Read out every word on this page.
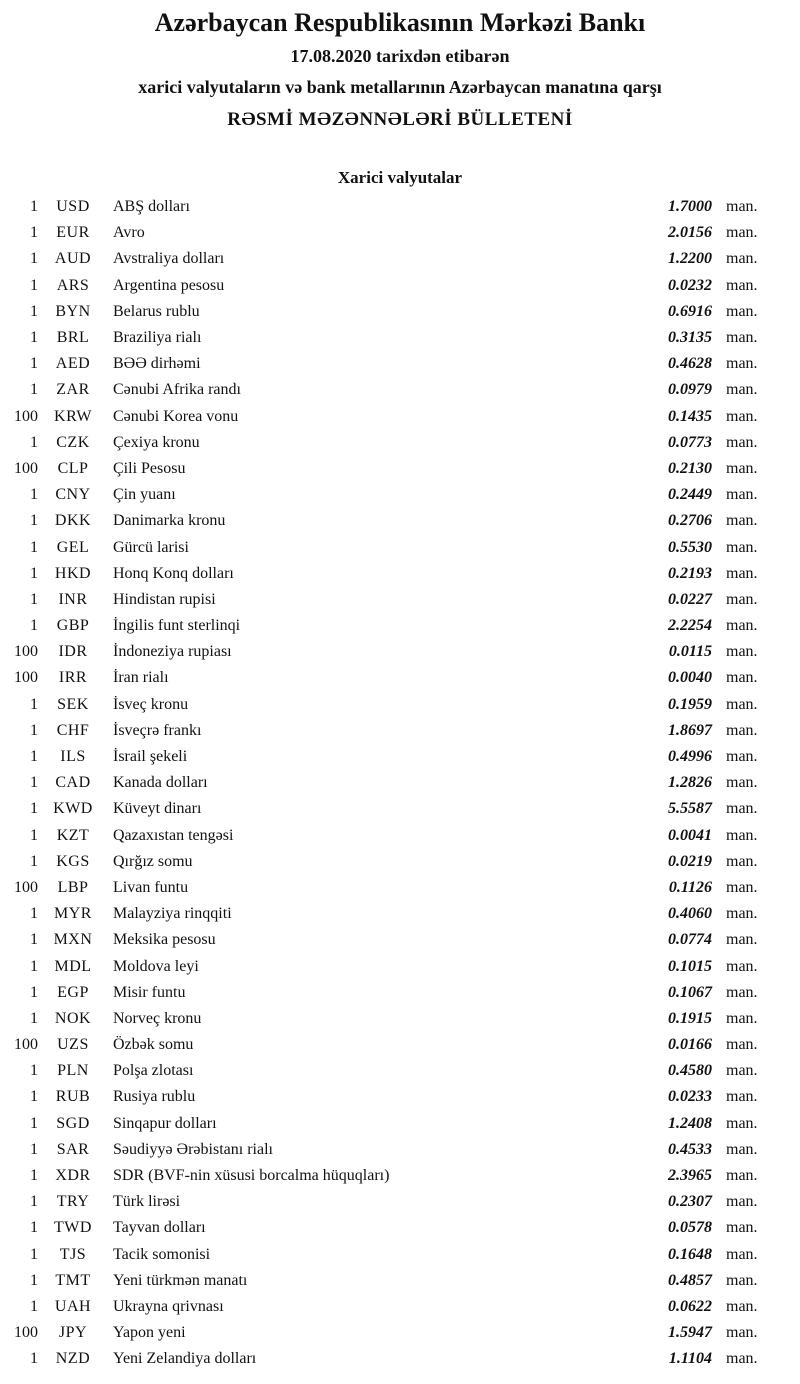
Azərbaycan Respublikasının Mərkəzi Bankı
17.08.2020 tarixdən etibarən
xarici valyutaların və bank metallarının Azərbaycan manatına qarşı
RƏSMİ MƏZƏNNƏLƏRİ BÜLLETENİ
Xarici valyutalar
1	USD	ABŞ dolları	1.7000 man.
1	EUR	Avro	2.0156 man.
1	AUD	Avstraliya dolları	1.2200 man.
1	ARS	Argentina pesosu	0.0232 man.
1	BYN	Belarus rublu	0.6916 man.
1	BRL	Braziliya rialı	0.3135 man.
1	AED	BƏƏ dirhəmi	0.4628 man.
1	ZAR	Cənubi Afrika randı	0.0979 man.
100	KRW	Cənubi Korea vonu	0.1435 man.
1	CZK	Çexiya kronu	0.0773 man.
100	CLP	Çili Pesosu	0.2130 man.
1	CNY	Çin yuanı	0.2449 man.
1	DKK	Danimarka kronu	0.2706 man.
1	GEL	Gürcü larisi	0.5530 man.
1	HKD	Honq Konq dolları	0.2193 man.
1	INR	Hindistan rupisi	0.0227 man.
1	GBP	İngilis funt sterlinqi	2.2254 man.
100	IDR	İndoneziya rupiası	0.0115 man.
100	IRR	İran rialı	0.0040 man.
1	SEK	İsveç kronu	0.1959 man.
1	CHF	İsveçrə frankı	1.8697 man.
1	ILS	İsrail şekeli	0.4996 man.
1	CAD	Kanada dolları	1.2826 man.
1 KWD	Küveyt dinarı	5.5587 man.
1	KZT	Qazaxıstan tengəsi	0.0041 man.
1	KGS	Qırğız somu	0.0219 man.
100	LBP	Livan funtu	0.1126 man.
1	MYR	Malayziya rinqqiti	0.4060 man.
1 MXN	Meksika pesosu	0.0774 man.
1	MDL	Moldova leyi	0.1015 man.
1	EGP	Misir funtu	0.1067 man.
1	NOK	Norveç kronu	0.1915 man.
100	UZS	Özbək somu	0.0166 man.
1	PLN	Polşa zlotası	0.4580 man.
1	RUB	Rusiya rublu	0.0233 man.
1	SGD	Sinqapur dolları	1.2408 man.
1	SAR	Səudiyyə Ərəbistanı rialı	0.4533 man.
1	XDR	SDR (BVF-nin xüsusi borcalma hüquqları)	2.3965 man.
1	TRY	Türk lirəsi	0.2307 man.
1	TWD	Tayvan dolları	0.0578 man.
1	TJS	Tacik somonisi	0.1648 man.
1	TMT	Yeni türkmən manatı	0.4857 man.
1	UAH	Ukrayna qrivnası	0.0622 man.
100	JPY	Yapon yeni	1.5947 man.
1	NZD	Yeni Zelandiya dolları	1.1104 man.
